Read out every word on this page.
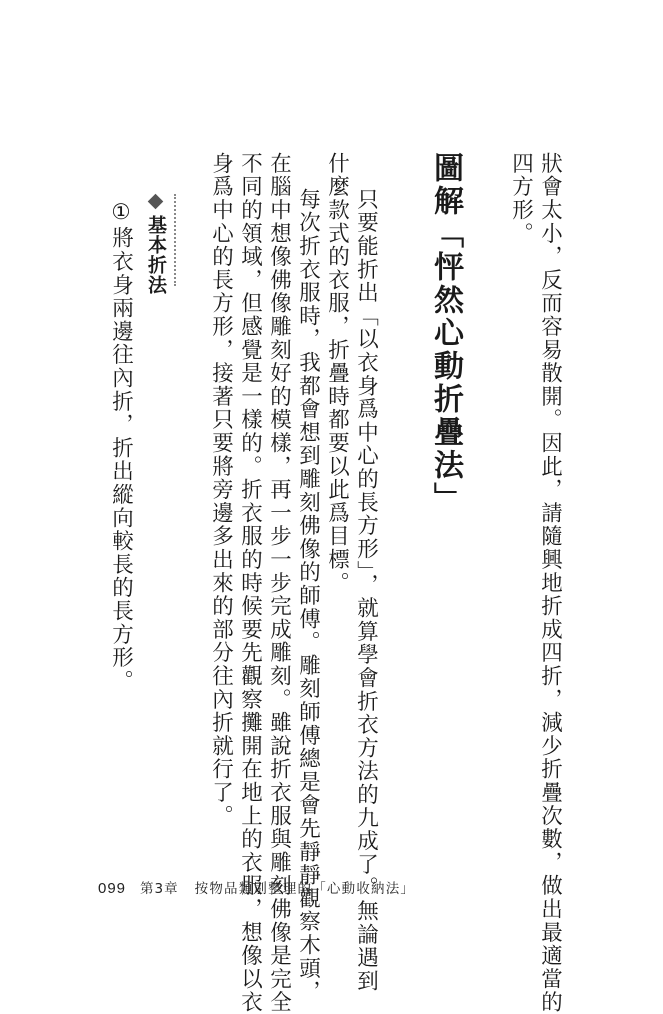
狀會太小，反而容易散開。因此，請隨興地折成四折，減少折疊次數，做出最適當的
四方形。
圖解「怦然心動折疊法」
只要能折出「以衣身爲中心的長方形」，就算學會折衣方法的九成了。無論遇到
什麼款式的衣服，折疊時都要以此爲目標。
每次折衣服時，我都會想到雕刻佛像的師傅。雕刻師傅總是會先靜靜觀察木頭，
在腦中想像佛像雕刻好的模樣，再一步一步完成雕刻。雖說折衣服與雕刻佛像是完全
不同的領域，但感覺是一樣的。折衣服的時候要先觀察攤開在地上的衣服，想像以衣
身爲中心的長方形，接著只要將旁邊多出來的部分往內折就行了。
基本折法
①將衣身兩邊往內折，折出縱向較長的長方形。
099 第3章 按物品類別整理的「心動收納法」
